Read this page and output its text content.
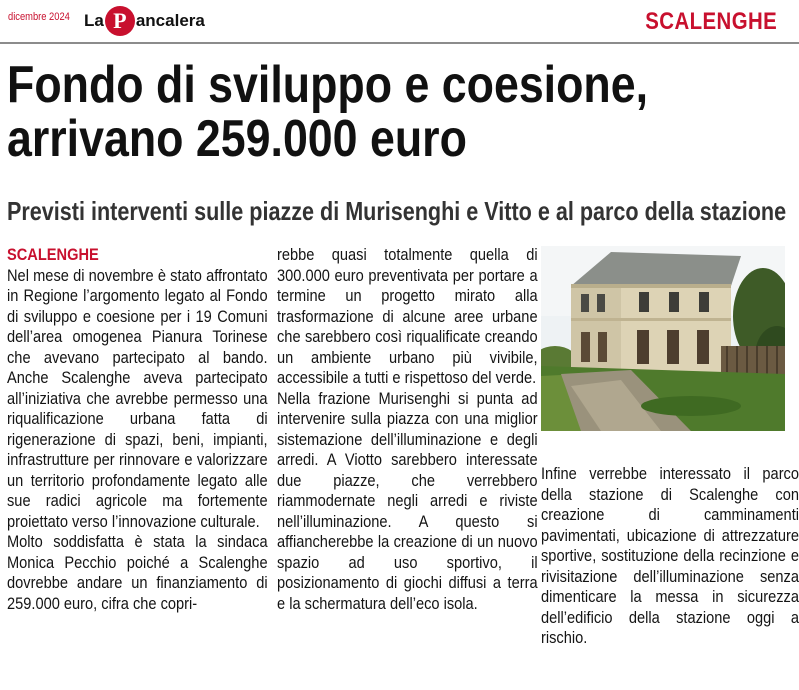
dicembre 2024 La P ancalera	SCALENGHE
Fondo di sviluppo e coesione,
arrivano 259.000 euro
Previsti interventi sulle piazze di Murisenghi e Vitto e al parco della stazione
SCALENGHE

Nel mese di novembre è stato affrontato in Regione l’argomento legato al Fondo di sviluppo e coesione per i 19 Comuni dell’area omogenea Pianura Torinese che avevano partecipato al bando. Anche Scalenghe aveva partecipato all’iniziativa che avrebbe permesso una riqualificazione urbana fatta di rigenerazione di spazi, beni, impianti, infrastrutture per rinnovare e valorizzare un territorio profondamente legato alle sue radici agricole ma fortemente proiettato verso l’innovazione culturale.

Molto soddisfatta è stata la sindaca Monica Pecchio poiché a Scalenghe dovrebbe andare un finanziamento di 259.000 euro, cifra che copri-

rebbe quasi totalmente quella di 300.000 euro preventivata per portare a termine un progetto mirato alla trasformazione di alcune aree urbane che sarebbero così riqualificate creando un ambiente urbano più vivibile, accessibile a tutti e rispettoso del verde.

Nella frazione Murisenghi si punta ad intervenire sulla piazza con una miglior sistemazione dell’illuminazione e degli arredi. A Viotto sarebbero interessate due piazze, che verrebbero riammodernate negli arredi e riviste nell’illuminazione. A questo si affiancherebbe la creazione di un nuovo spazio ad uso sportivo, il posizionamento di giochi diffusi a terra e la schermatura dell’eco isola.

Infine verrebbe interessato il parco della stazione di Scalenghe con creazione di camminamenti pavimentati, ubicazione di attrezzature sportive, sostituzione della recinzione e rivisitazione dell’illuminazione senza dimenticare la messa in sicurezza dell’edificio della stazione oggi a rischio.
